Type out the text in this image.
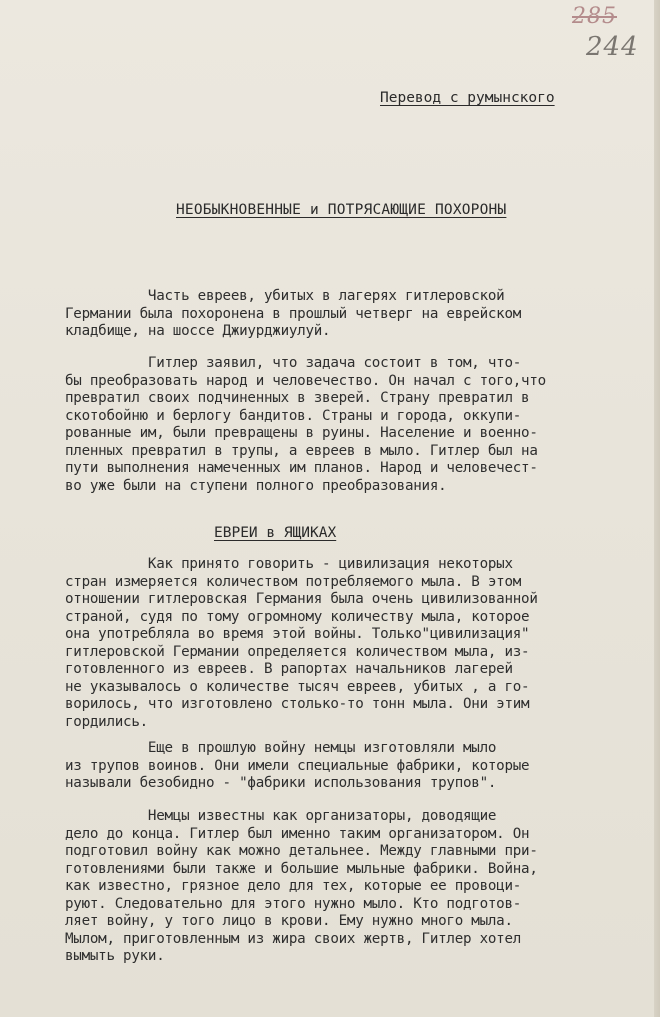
285
244
Перевод с румынского
НЕОБЫКНОВЕННЫЕ и ПОТРЯСАЮЩИЕ ПОХОРОНЫ
Часть евреев, убитых в лагерях гитлеровской
Германии была похоронена в прошлый четверг на еврейском
кладбище, на шоссе Джиурджиулуй.
Гитлер заявил, что задача состоит в том, что-
бы преобразовать народ и человечество. Он начал с того,что
превратил своих подчиненных в зверей. Страну превратил в
скотобойню и берлогу бандитов. Страны и города, оккупи-
рованные им, были превращены в руины. Население и военно-
пленных превратил в трупы, а евреев в мыло. Гитлер был на
пути выполнения намеченных им планов. Народ и человечест-
во уже были на ступени полного преобразования.
ЕВРЕИ в ЯЩИКАХ
Как принято говорить - цивилизация некоторых
стран измеряется количеством потребляемого мыла. В этом
отношении гитлеровская Германия была очень цивилизованной
страной, судя по тому огромному количеству мыла, которое
она употребляла во время этой войны. Только"цивилизация"
гитлеровской Германии определяется количеством мыла, из-
готовленного из евреев. В рапортах начальников лагерей
не указывалось о количестве тысяч евреев, убитых , а го-
ворилось, что изготовлено столько-то тонн мыла. Они этим
гордились.
Еще в прошлую войну немцы изготовляли мыло
из трупов воинов. Они имели специальные фабрики, которые
называли безобидно - "фабрики использования трупов".
Немцы известны как организаторы, доводящие
дело до конца. Гитлер был именно таким организатором. Он
подготовил войну как можно детальнее. Между главными при-
готовлениями были также и большие мыльные фабрики. Война,
как известно, грязное дело для тех, которые ее провоци-
руют. Следовательно для этого нужно мыло. Кто подготов-
ляет войну, у того лицо в крови. Ему нужно много мыла.
Мылом, приготовленным из жира своих жертв, Гитлер хотел
вымыть руки.
